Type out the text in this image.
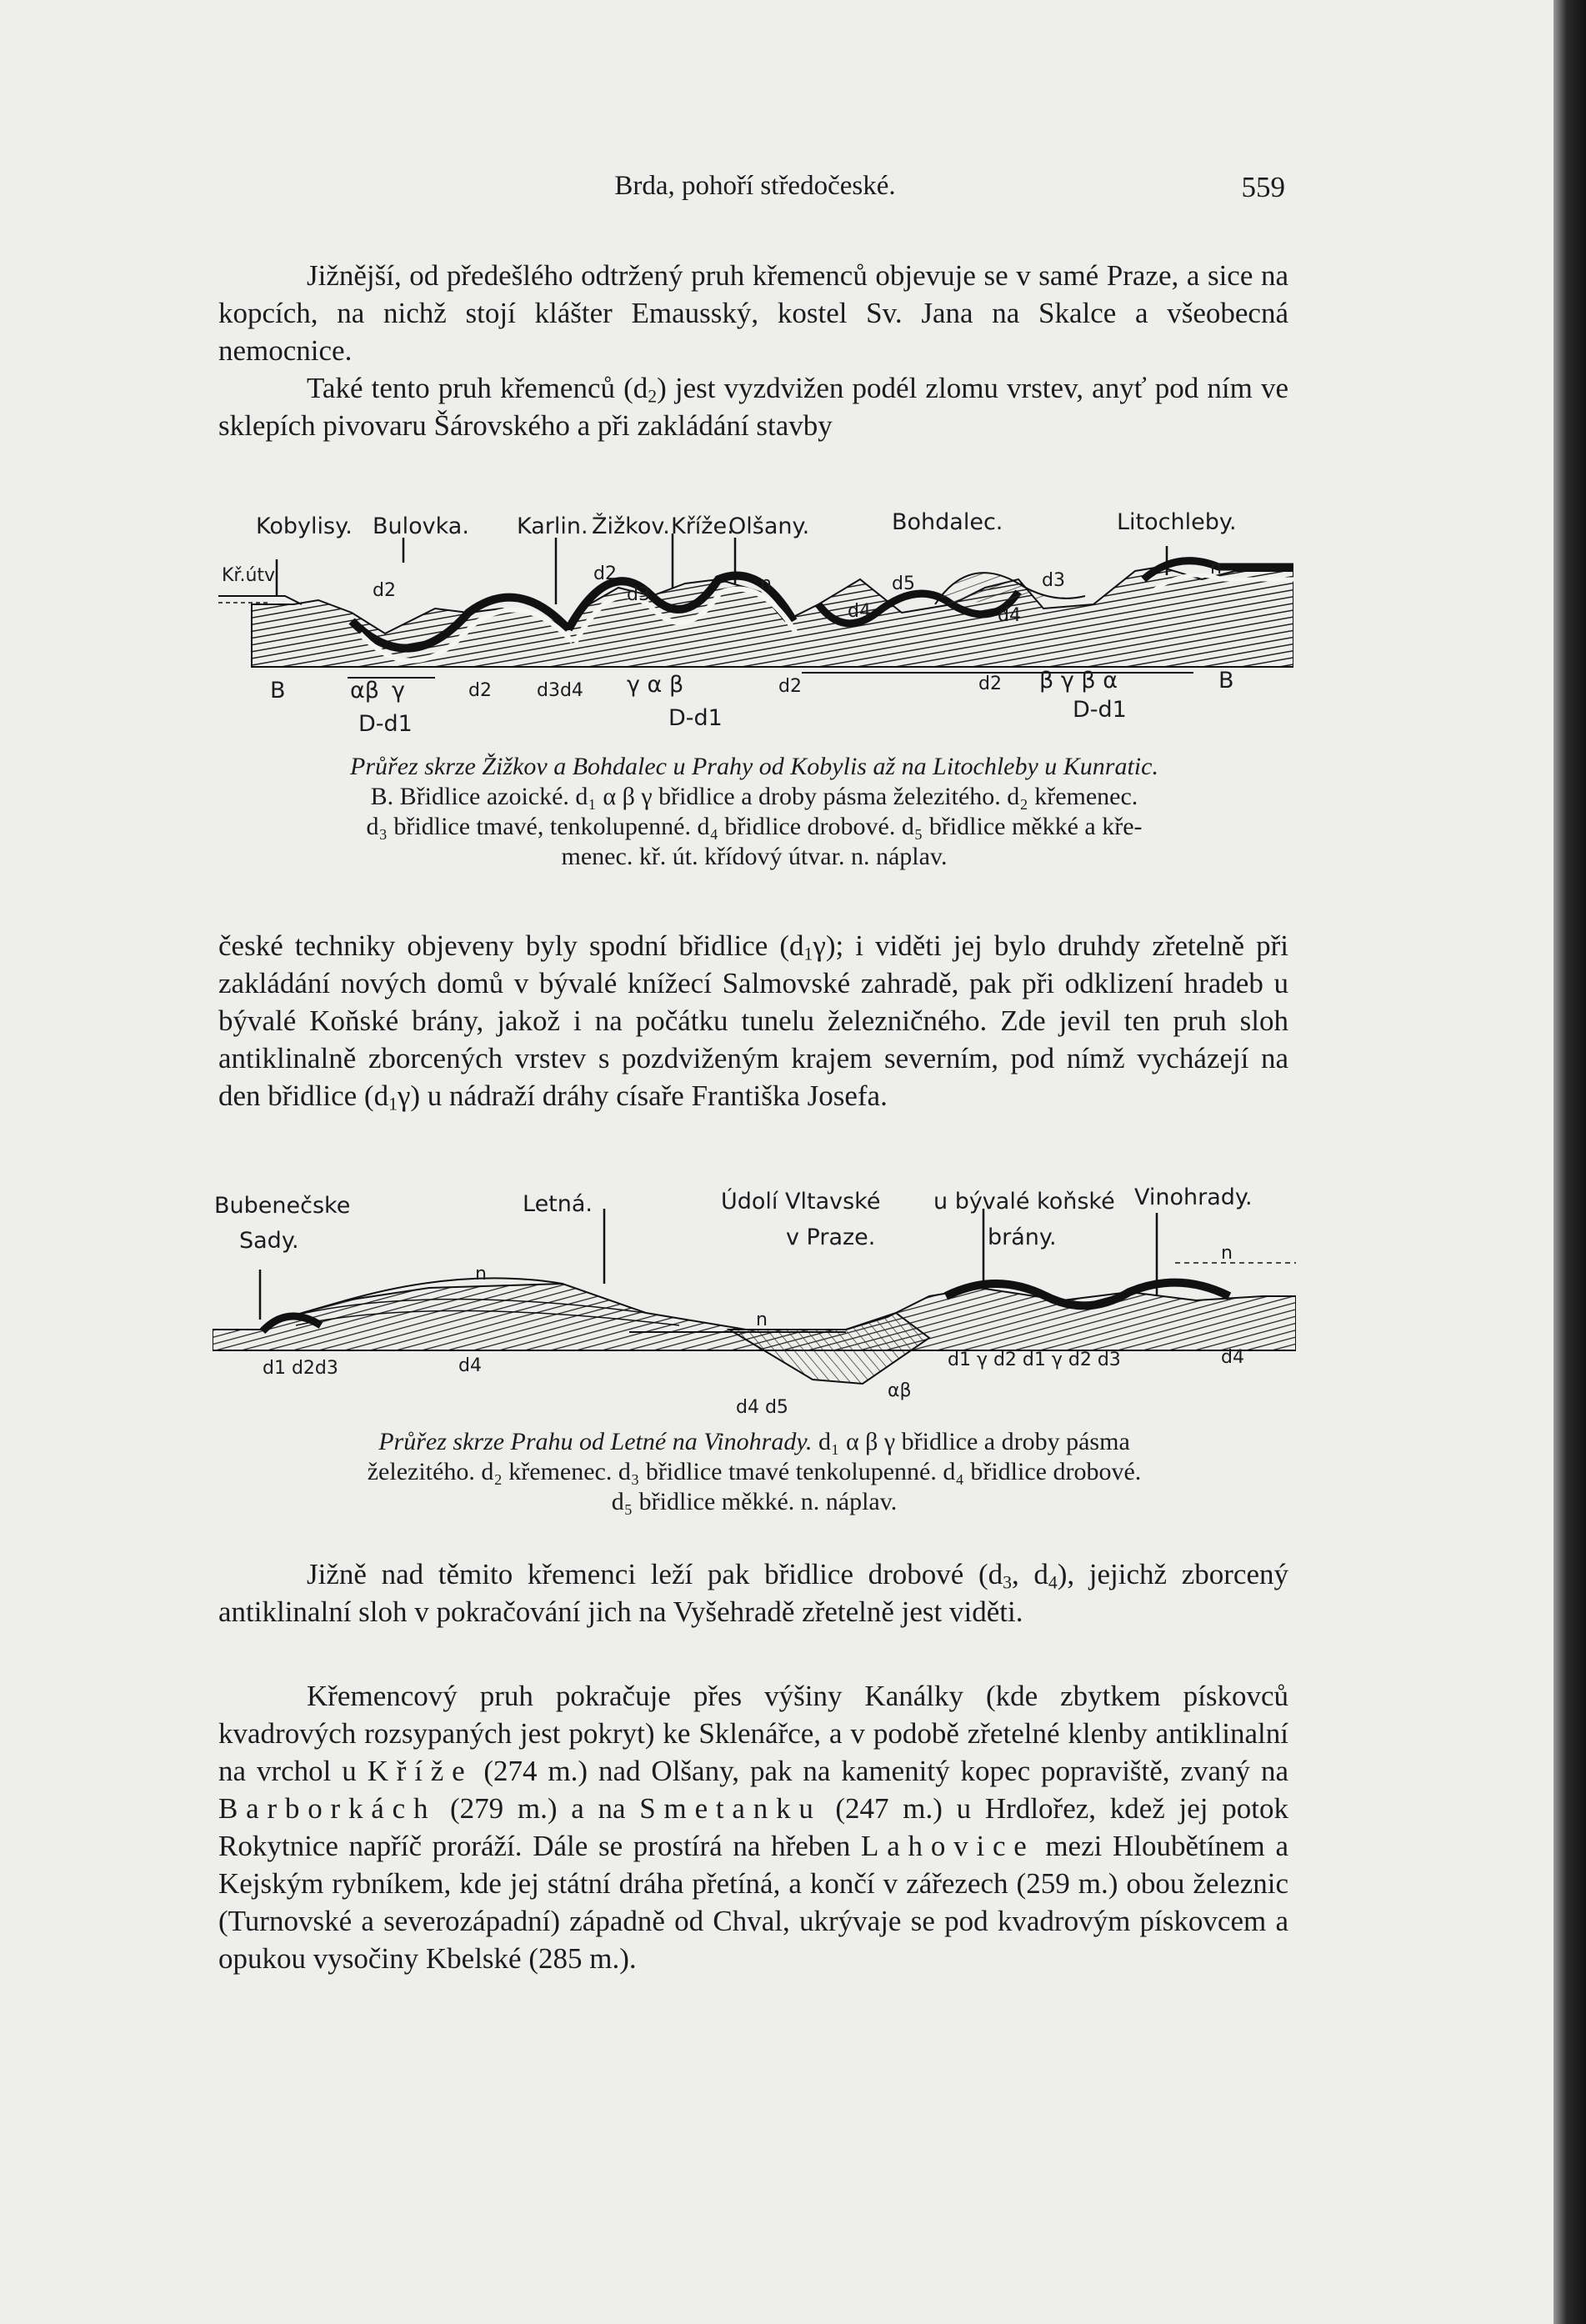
Brda, pohoří středočeské.	559

Jižnější, od předešlého odtržený pruh křemenců objevuje se v samé Praze, a sice na kopcích, na nichž stojí klášter Emausský, kostel Sv. Jana na Skalce a všeobecná nemocnice.

Také tento pruh křemenců $(d_2)$ jest vyzdvižen podél zlomu vrstev, anyť pod ním ve sklepích pivovaru Šárovského a při zakládání stavby

Kobylisy. Bulovka. Karlin. Žižkov. Kříže.
Olšany.	Bohdalec.	Litochleby.
Kř.útv.
d2
d2
d3
n
d4
d5
d4
d3
n
B	αβ γ	d2 d3d4 γ α β	d2	d2 β γ β α	B
D-d1	D-d1	D-d1
Průřez skrze Žižkov a Bohdalec u Prahy od Kobylis až na Litochleby u Kunratic.
B. Břidlice azoické. d₁ α β γ břidlice a droby pásma železitého. d₂ křemenec.
d₃ břidlice tmavé, tenkolupenné. d₄ břidlice drobové. d₅ břidlice měkké a kře-
menec. kř. út. křídový útvar. n. náplav.

české techniky objeveny byly spodní břidlice $(d_1\gamma)$; i viděti jej bylo druhdy zřetelně při zakládání nových domů v bývalé knížecí Salmovské zahradě, pak při odklizení hradeb u bývalé Koňské brány, jakož i na počátku tunelu železničného. Zde jevil ten pruh sloh antiklinalně zborcených vrstev s pozdviženým krajem severním, pod nímž vycházejí na den břidlice $(d_1\gamma)$ u nádraží dráhy císaře Františka Josefa.

Bubenečske
Sady.
Letná.	Údolí Vltavské
v Praze.
u bývalé koňské Vinohrady.
brány.
n
n
n
d1 d2d3	d4
d4 d5
αβ
d1 γ d2 d1 γ d2 d3	d4
Průřez skrze Prahu od Letné na Vinohrady. d₁ α β γ břidlice a droby pásma
železitého. d₂ křemenec. d₃ břidlice tmavé tenkolupenné. d₄ břidlice drobové.
d₅ břidlice měkké. n. náplav.

Jižně nad těmito křemenci leží pak břidlice drobové ($d_3$, $d_4$), jejichž zborcený antiklinalní sloh v pokračování jich na Vyšehradě zřetelně jest viděti.

Křemencový pruh pokračuje přes výšiny Kanálky (kde zbytkem pískovců kvadrových rozsypaných jest pokryt) ke Sklenářce, a v podobě zřetelné klenby antiklinalní na vrchol u Kříže (274 m.) nad Olšany, pak na kamenitý kopec popraviště, zvaný na Barborkách (279 m.) a na Smetanku (247 m.) u Hrdlořez, kdež jej potok Rokytnice napříč proráží. Dále se prostírá na hřeben Lahovice mezi Hloubětínem a Kejským rybníkem, kde jej státní dráha přetíná, a končí v zářezech (259 m.) obou železnic (Turnovské a severozápadní) západně od Chval, ukrývaje se pod kvadrovým pískovcem a opukou vysočiny Kbelské (285 m.).
